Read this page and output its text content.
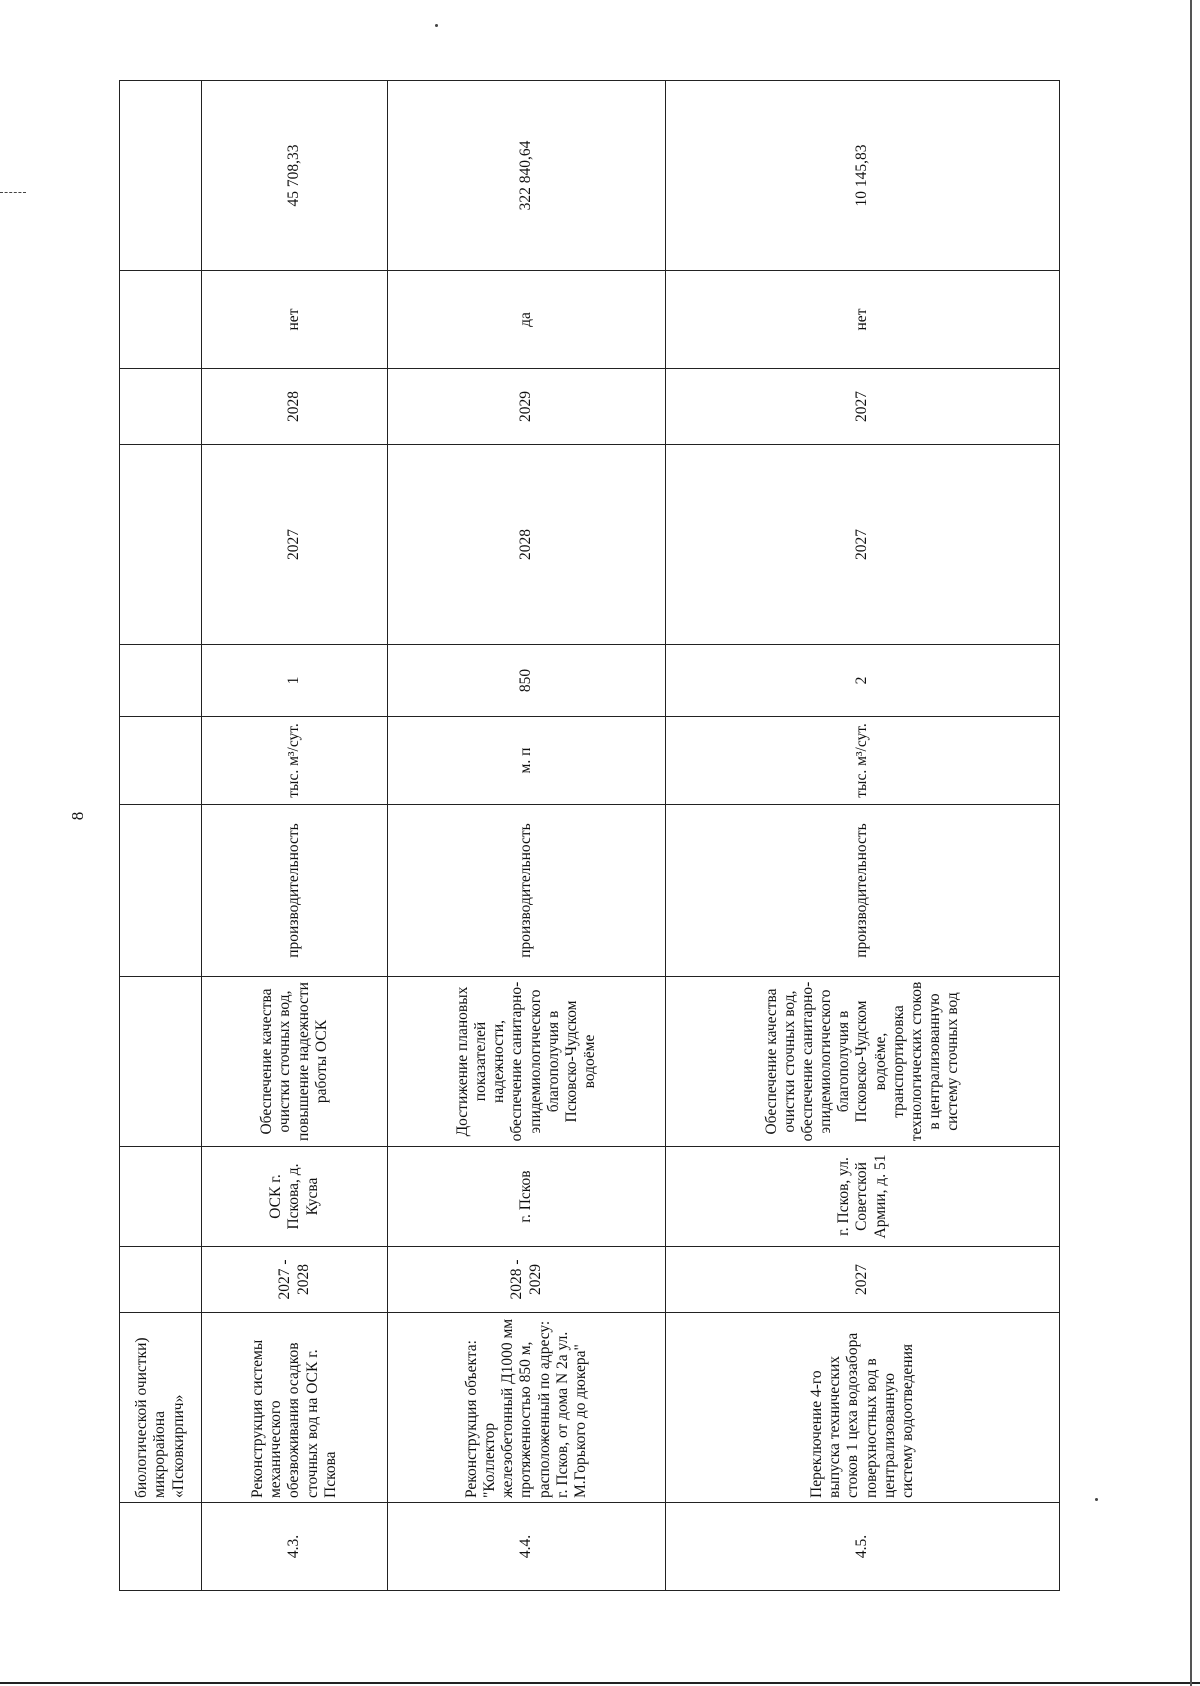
8
	биологической очистки) микрорайона «Псковкирпич»										
4.3.	Реконструкция системы механического обезвоживания осадков сточных вод на ОСК г. Пскова	2027 - 2028	ОСК г. Пскова, д. Кусва	Обеспечение качества очистки сточных вод, повышение надежности работы ОСК	производительность	тыс. м³/сут.	1	2027	2028	нет	45 708,33
4.4.	Реконструкция объекта: "Коллектор железобетонный Д1000 мм протяженностью 850 м, расположенный по адресу: г. Псков, от дома N 2а ул. М.Горького до дюкера"	2028 - 2029	г. Псков	Достижение плановых показателей надежности, обеспечение санитарно-эпидемиологического благополучия в Псковско-Чудском водоёме	производительность	м. п	850	2028	2029	да	322 840,64
4.5.	Переключение 4-го выпуска технических стоков 1 цеха водозабора поверхностных вод в централизованную систему водоотведения	2027	г. Псков, ул. Советской Армии, д. 51	Обеспечение качества очистки сточных вод, обеспечение санитарно-эпидемиологического благополучия в Псковско-Чудском водоёме, транспортировка технологических стоков в централизованную систему сточных вод	производительность	тыс. м³/сут.	2	2027	2027	нет	10 145,83
